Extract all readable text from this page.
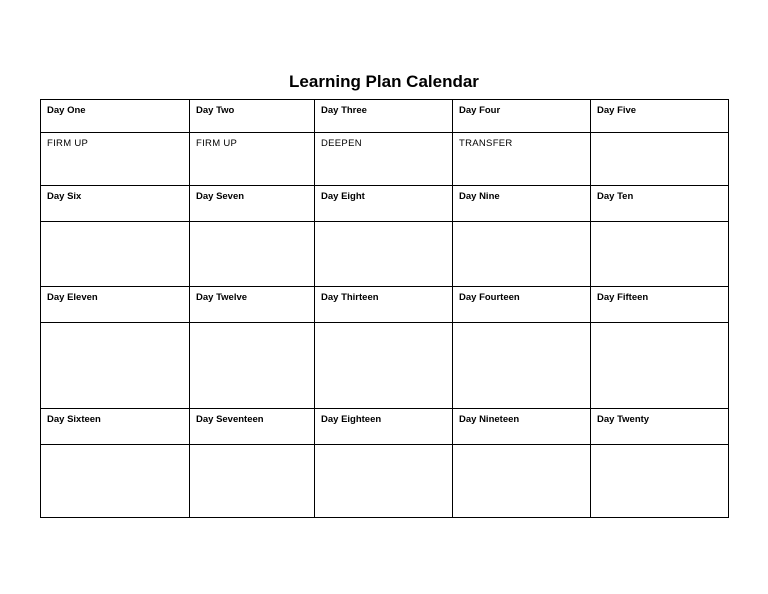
Learning Plan Calendar
Day One	Day Two	Day Three	Day Four	Day Five
FIRM UP	FIRM UP	DEEPEN	TRANSFER	
Day Six	Day Seven	Day Eight	Day Nine	Day Ten

Day Eleven	Day Twelve	Day Thirteen	Day Fourteen	Day Fifteen

Day Sixteen	Day Seventeen	Day Eighteen	Day Nineteen	Day Twenty
